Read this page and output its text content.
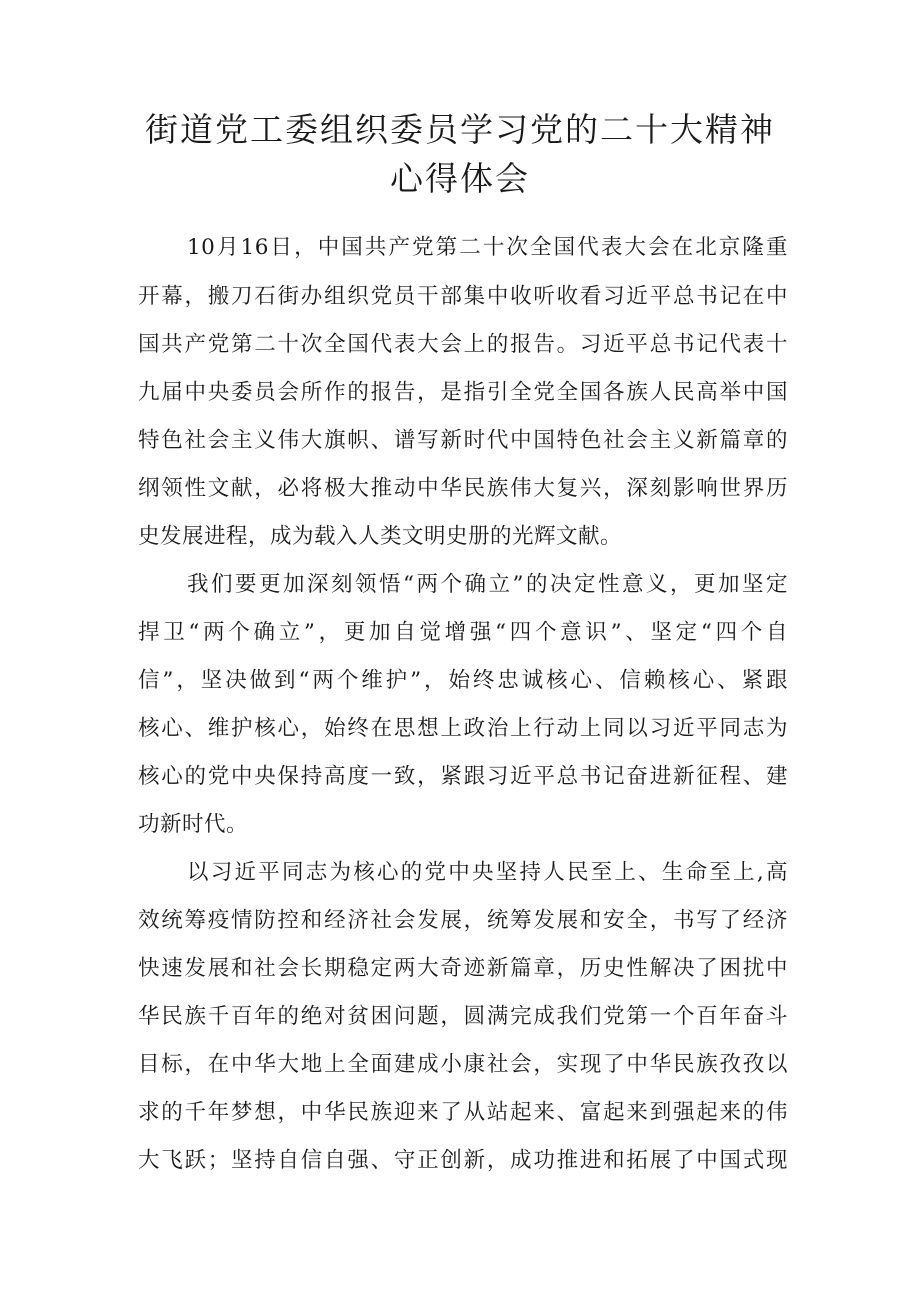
街道党工委组织委员学习党的二十大精神
心得体会
10月16日，中国共产党第二十次全国代表大会在北京隆重
开幕，搬刀石街办组织党员干部集中收听收看习近平总书记在中
国共产党第二十次全国代表大会上的报告。习近平总书记代表十
九届中央委员会所作的报告，是指引全党全国各族人民高举中国
特色社会主义伟大旗帜、谱写新时代中国特色社会主义新篇章的
纲领性文献，必将极大推动中华民族伟大复兴，深刻影响世界历
史发展进程，成为载入人类文明史册的光辉文献。
我们要更加深刻领悟“两个确立”的决定性意义，更加坚定
捍卫“两个确立”，更加自觉增强“四个意识”、坚定“四个自
信”，坚决做到“两个维护”，始终忠诚核心、信赖核心、紧跟
核心、维护核心，始终在思想上政治上行动上同以习近平同志为
核心的党中央保持高度一致，紧跟习近平总书记奋进新征程、建
功新时代。
以习近平同志为核心的党中央坚持人民至上、生命至上,高
效统筹疫情防控和经济社会发展，统筹发展和安全，书写了经济
快速发展和社会长期稳定两大奇迹新篇章，历史性解决了困扰中
华民族千百年的绝对贫困问题，圆满完成我们党第一个百年奋斗
目标，在中华大地上全面建成小康社会，实现了中华民族孜孜以
求的千年梦想，中华民族迎来了从站起来、富起来到强起来的伟
大飞跃；坚持自信自强、守正创新，成功推进和拓展了中国式现
